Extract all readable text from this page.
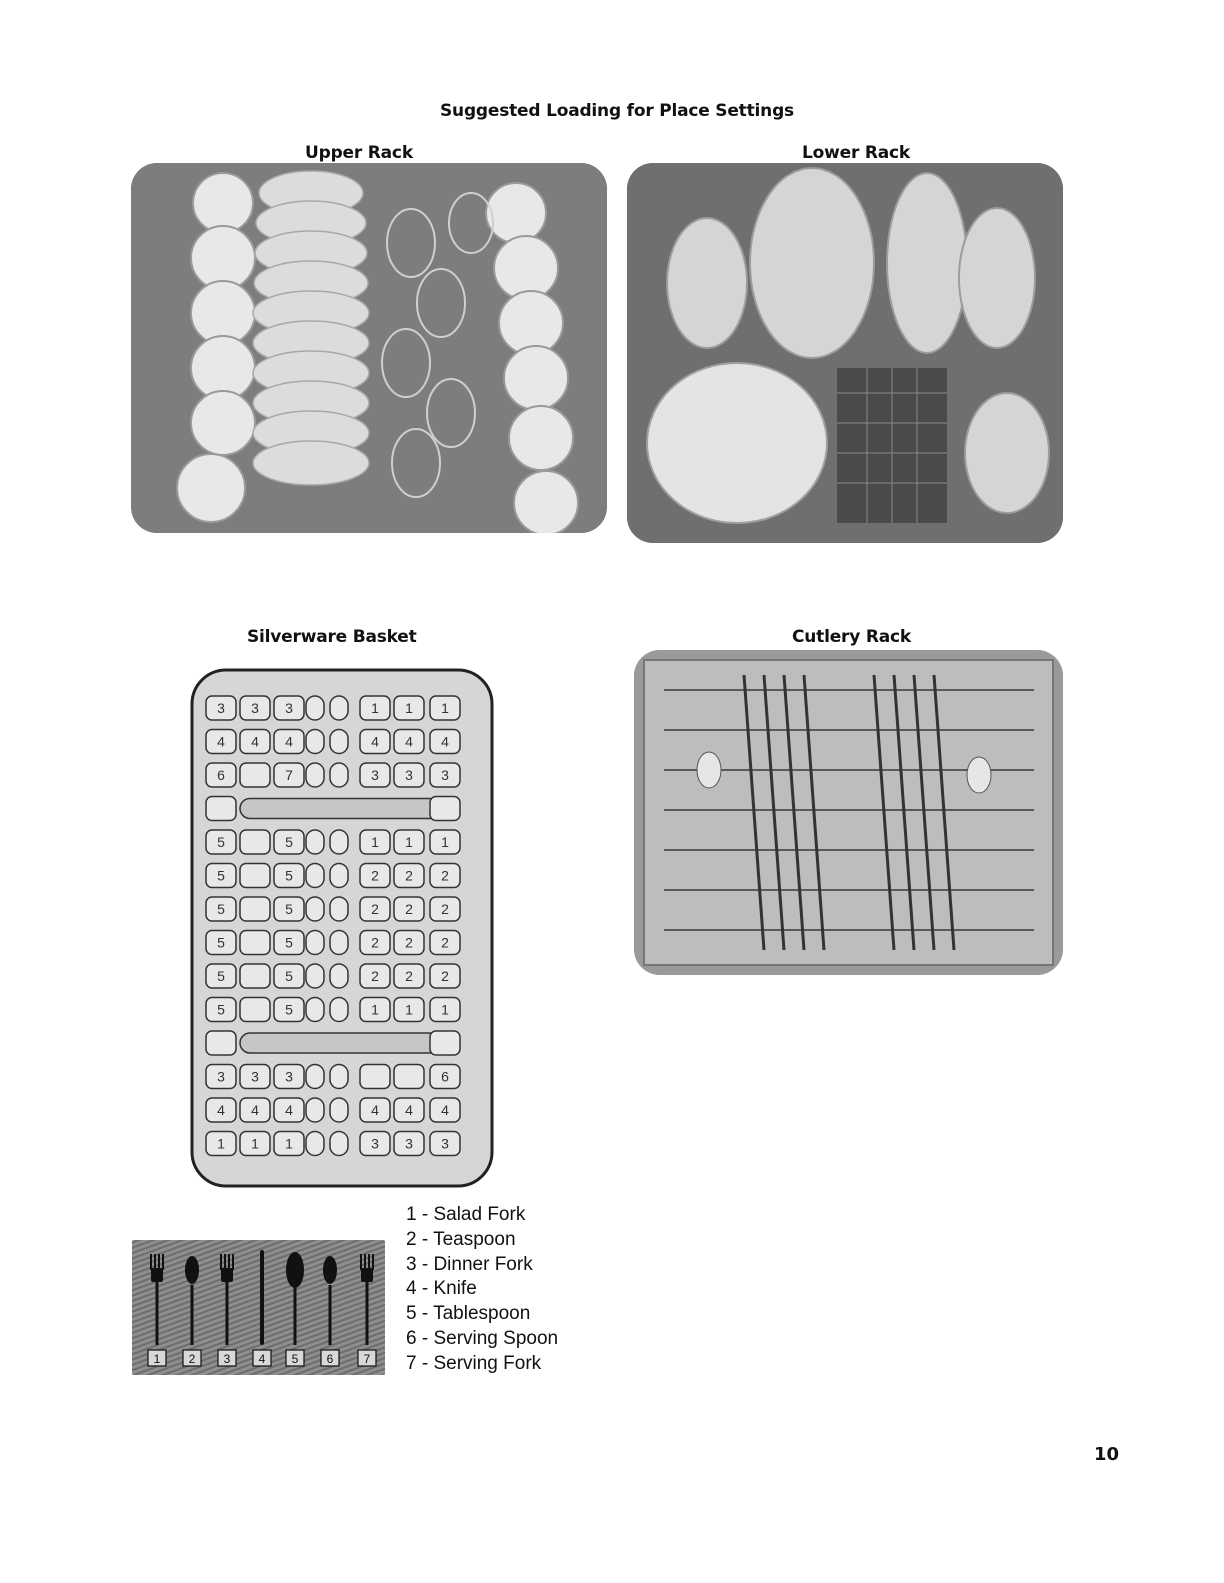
Suggested Loading for Place Settings
Upper Rack	Lower Rack
Silverware Basket	Cutlery Rack
3 3 3	1 1 1
4 4 4	4 4 4
6	7	3 3 3
5	5	1 1 1
5	5	2 2 2
5	5	2 2 2
5	5	2 2 2
5	5	2 2 2
5	5	1 1 1
3 3 3	6
4 4 4	4 4 4
1 1 1	3 3 3
1 2 3 4 5 6	7
1 - Salad Fork
2 - Teaspoon
3 - Dinner Fork
4 - Knife
5 - Tablespoon
6 - Serving Spoon
7 - Serving Fork
10
